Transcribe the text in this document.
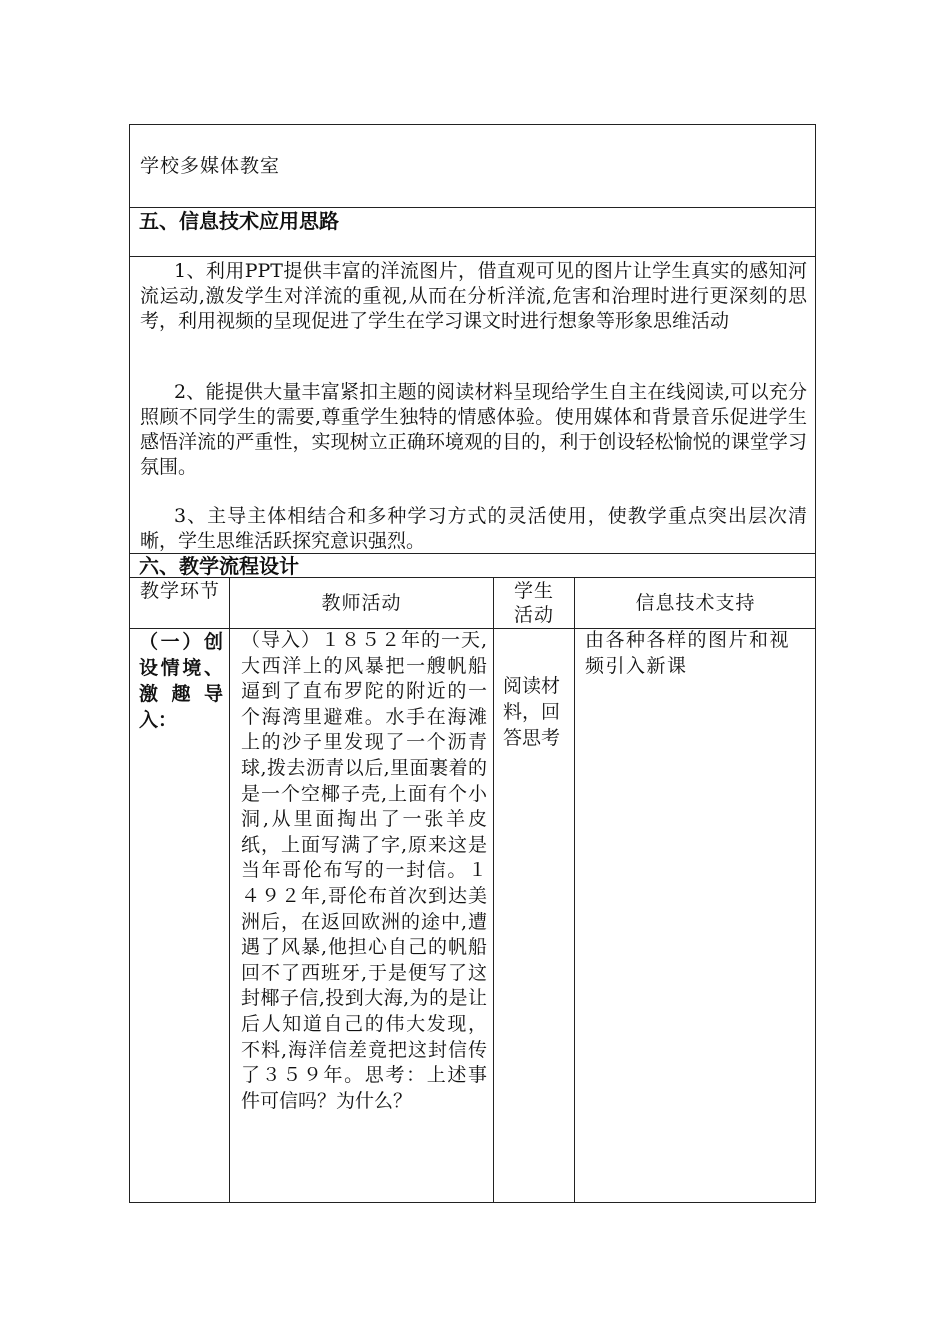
学校多媒体教室
五、信息技术应用思路
1、利用PPT提供丰富的洋流图片，借直观可见的图片让学生真实的感知河流运动,激发学生对洋流的重视,从而在分析洋流,危害和治理时进行更深刻的思考，利用视频的呈现促进了学生在学习课文时进行想象等形象思维活动
2、能提供大量丰富紧扣主题的阅读材料呈现给学生自主在线阅读,可以充分照顾不同学生的需要,尊重学生独特的情感体验。使用媒体和背景音乐促进学生感悟洋流的严重性，实现树立正确环境观的目的，利于创设轻松愉悦的课堂学习氛围。
3、主导主体相结合和多种学习方式的灵活使用，使教学重点突出层次清晰，学生思维活跃探究意识强烈。
六、教学流程设计
教学环节
教师活动
学生活动
信息技术支持
（一）创设情境、激趣导入：
（导入）１８５２年的一天,大西洋上的风暴把一艘帆船逼到了直布罗陀的附近的一个海湾里避难。水手在海滩上的沙子里发现了一个沥青球,拨去沥青以后,里面裹着的是一个空椰子壳,上面有个小洞,从里面掏出了一张羊皮纸，上面写满了字,原来这是当年哥伦布写的一封信。１４９２年,哥伦布首次到达美洲后，在返回欧洲的途中,遭遇了风暴,他担心自己的帆船回不了西班牙,于是便写了这封椰子信,投到大海,为的是让后人知道自己的伟大发现，不料,海洋信差竟把这封信传了３５９年。思考：上述事件可信吗？为什么？
阅读材料，回答思考
由各种各样的图片和视频引入新课
